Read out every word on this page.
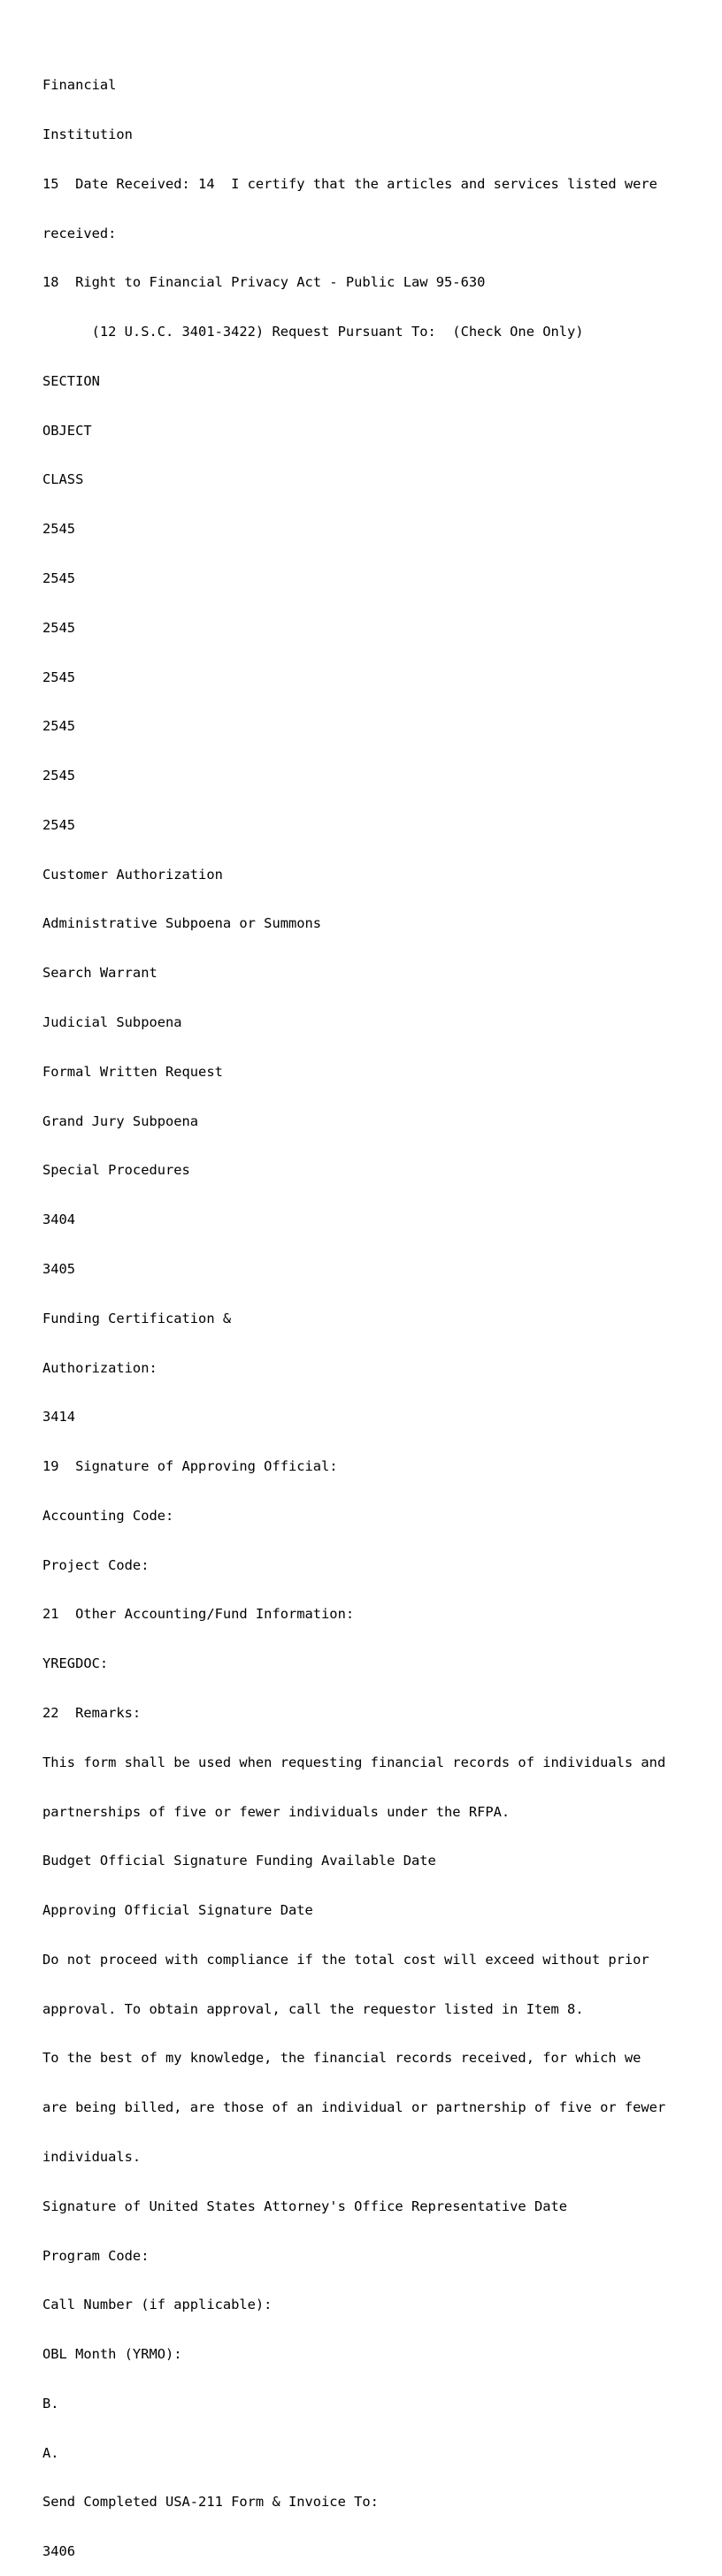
Financial

Institution

15  Date Received: 14  I certify that the articles and services listed were

received:

18  Right to Financial Privacy Act - Public Law 95-630

(12 U.S.C. 3401-3422) Request Pursuant To:  (Check One Only)

SECTION

OBJECT

CLASS

2545

2545

2545

2545

2545

2545

2545

Customer Authorization

Administrative Subpoena or Summons

Search Warrant

Judicial Subpoena

Formal Written Request

Grand Jury Subpoena

Special Procedures

3404

3405

Funding Certification &

Authorization:

3414

19  Signature of Approving Official:

Accounting Code:

Project Code:

21  Other Accounting/Fund Information:

YREGDOC:

22  Remarks:

This form shall be used when requesting financial records of individuals and

partnerships of five or fewer individuals under the RFPA.

Budget Official Signature Funding Available Date

Approving Official Signature Date

Do not proceed with compliance if the total cost will exceed without prior

approval. To obtain approval, call the requestor listed in Item 8.

To the best of my knowledge, the financial records received, for which we

are being billed, are those of an individual or partnership of five or fewer

individuals.

Signature of United States Attorney's Office Representative Date

Program Code:

Call Number (if applicable):

OBL Month (YRMO):

B.

A.

Send Completed USA-211 Form & Invoice To:

3406
